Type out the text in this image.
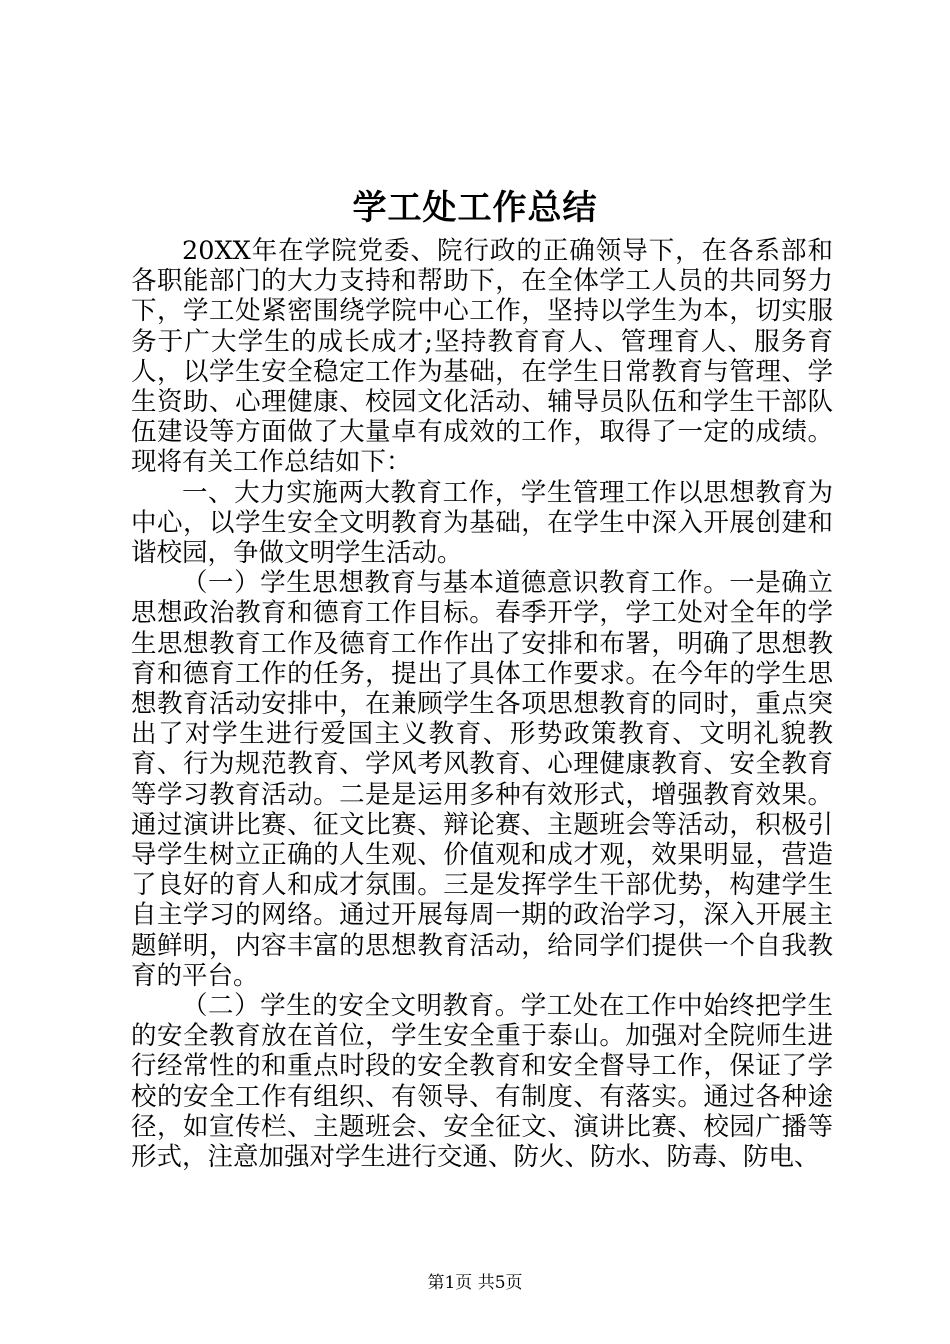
学工处工作总结

20XX年在学院党委、院行政的正确领导下，在各系部和各职能部门的大力支持和帮助下，在全体学工人员的共同努力下，学工处紧密围绕学院中心工作，坚持以学生为本，切实服务于广大学生的成长成才;坚持教育育人、管理育人、服务育人，以学生安全稳定工作为基础，在学生日常教育与管理、学生资助、心理健康、校园文化活动、辅导员队伍和学生干部队伍建设等方面做了大量卓有成效的工作，取得了一定的成绩。现将有关工作总结如下：

一、大力实施两大教育工作，学生管理工作以思想教育为中心，以学生安全文明教育为基础，在学生中深入开展创建和谐校园，争做文明学生活动。

（一）学生思想教育与基本道德意识教育工作。一是确立思想政治教育和德育工作目标。春季开学，学工处对全年的学生思想教育工作及德育工作作出了安排和布署，明确了思想教育和德育工作的任务，提出了具体工作要求。在今年的学生思想教育活动安排中，在兼顾学生各项思想教育的同时，重点突出了对学生进行爱国主义教育、形势政策教育、文明礼貌教育、行为规范教育、学风考风教育、心理健康教育、安全教育等学习教育活动。二是是运用多种有效形式，增强教育效果。通过演讲比赛、征文比赛、辩论赛、主题班会等活动，积极引导学生树立正确的人生观、价值观和成才观，效果明显，营造了良好的育人和成才氛围。三是发挥学生干部优势，构建学生自主学习的网络。通过开展每周一期的政治学习，深入开展主题鲜明，内容丰富的思想教育活动，给同学们提供一个自我教育的平台。

（二）学生的安全文明教育。学工处在工作中始终把学生的安全教育放在首位，学生安全重于泰山。加强对全院师生进行经常性的和重点时段的安全教育和安全督导工作，保证了学校的安全工作有组织、有领导、有制度、有落实。通过各种途径，如宣传栏、主题班会、安全征文、演讲比赛、校园广播等形式，注意加强对学生进行交通、防火、防水、防毒、防电、

第1页 共5页
